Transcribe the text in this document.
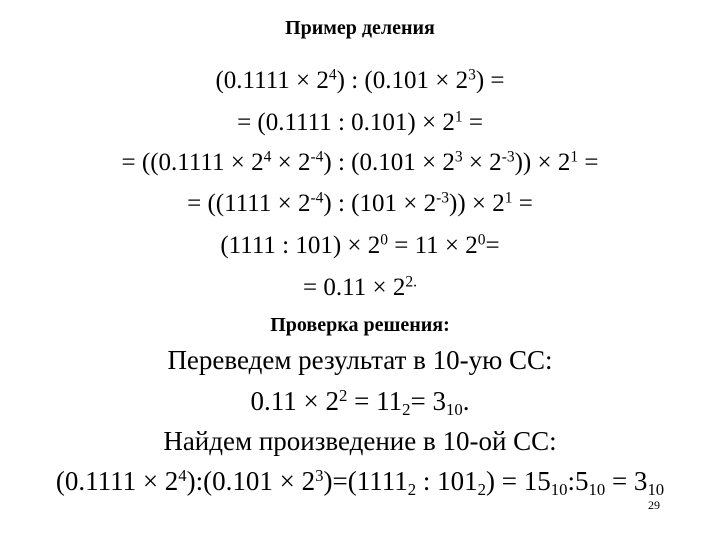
Пример деления
$(0.1111 \times 2^4)$ : $(0.101 \times 2^3)$ =
= (0.1111 : $0.101) \times 2^1$ =
= ($(0.1111 \times 2^4 \times 2^{-4})$ : $(0.101 \times 2^3 \times 2^{-3})) \times 2^1$ =
= ($(1111 \times 2^{-4})$ : $(101 \times 2^{-3})) \times 2^1$ =
(1111 : $101) \times 2^0 = 11 \times 2^0=$
= $0.11 \times 2^{2.}$
Проверка решения:
Переведем результат в 10-ую СС:
$0.11 \times 2^2 = 11_2= 3_{10}$.
Найдем произведение в 10-ой СС:
$(0.1111 \times 2^4):(0.101 \times 2^3)=(1111_2$ : $101_2$) = $15_{10}:5_{10} = 3_{10}$
29
